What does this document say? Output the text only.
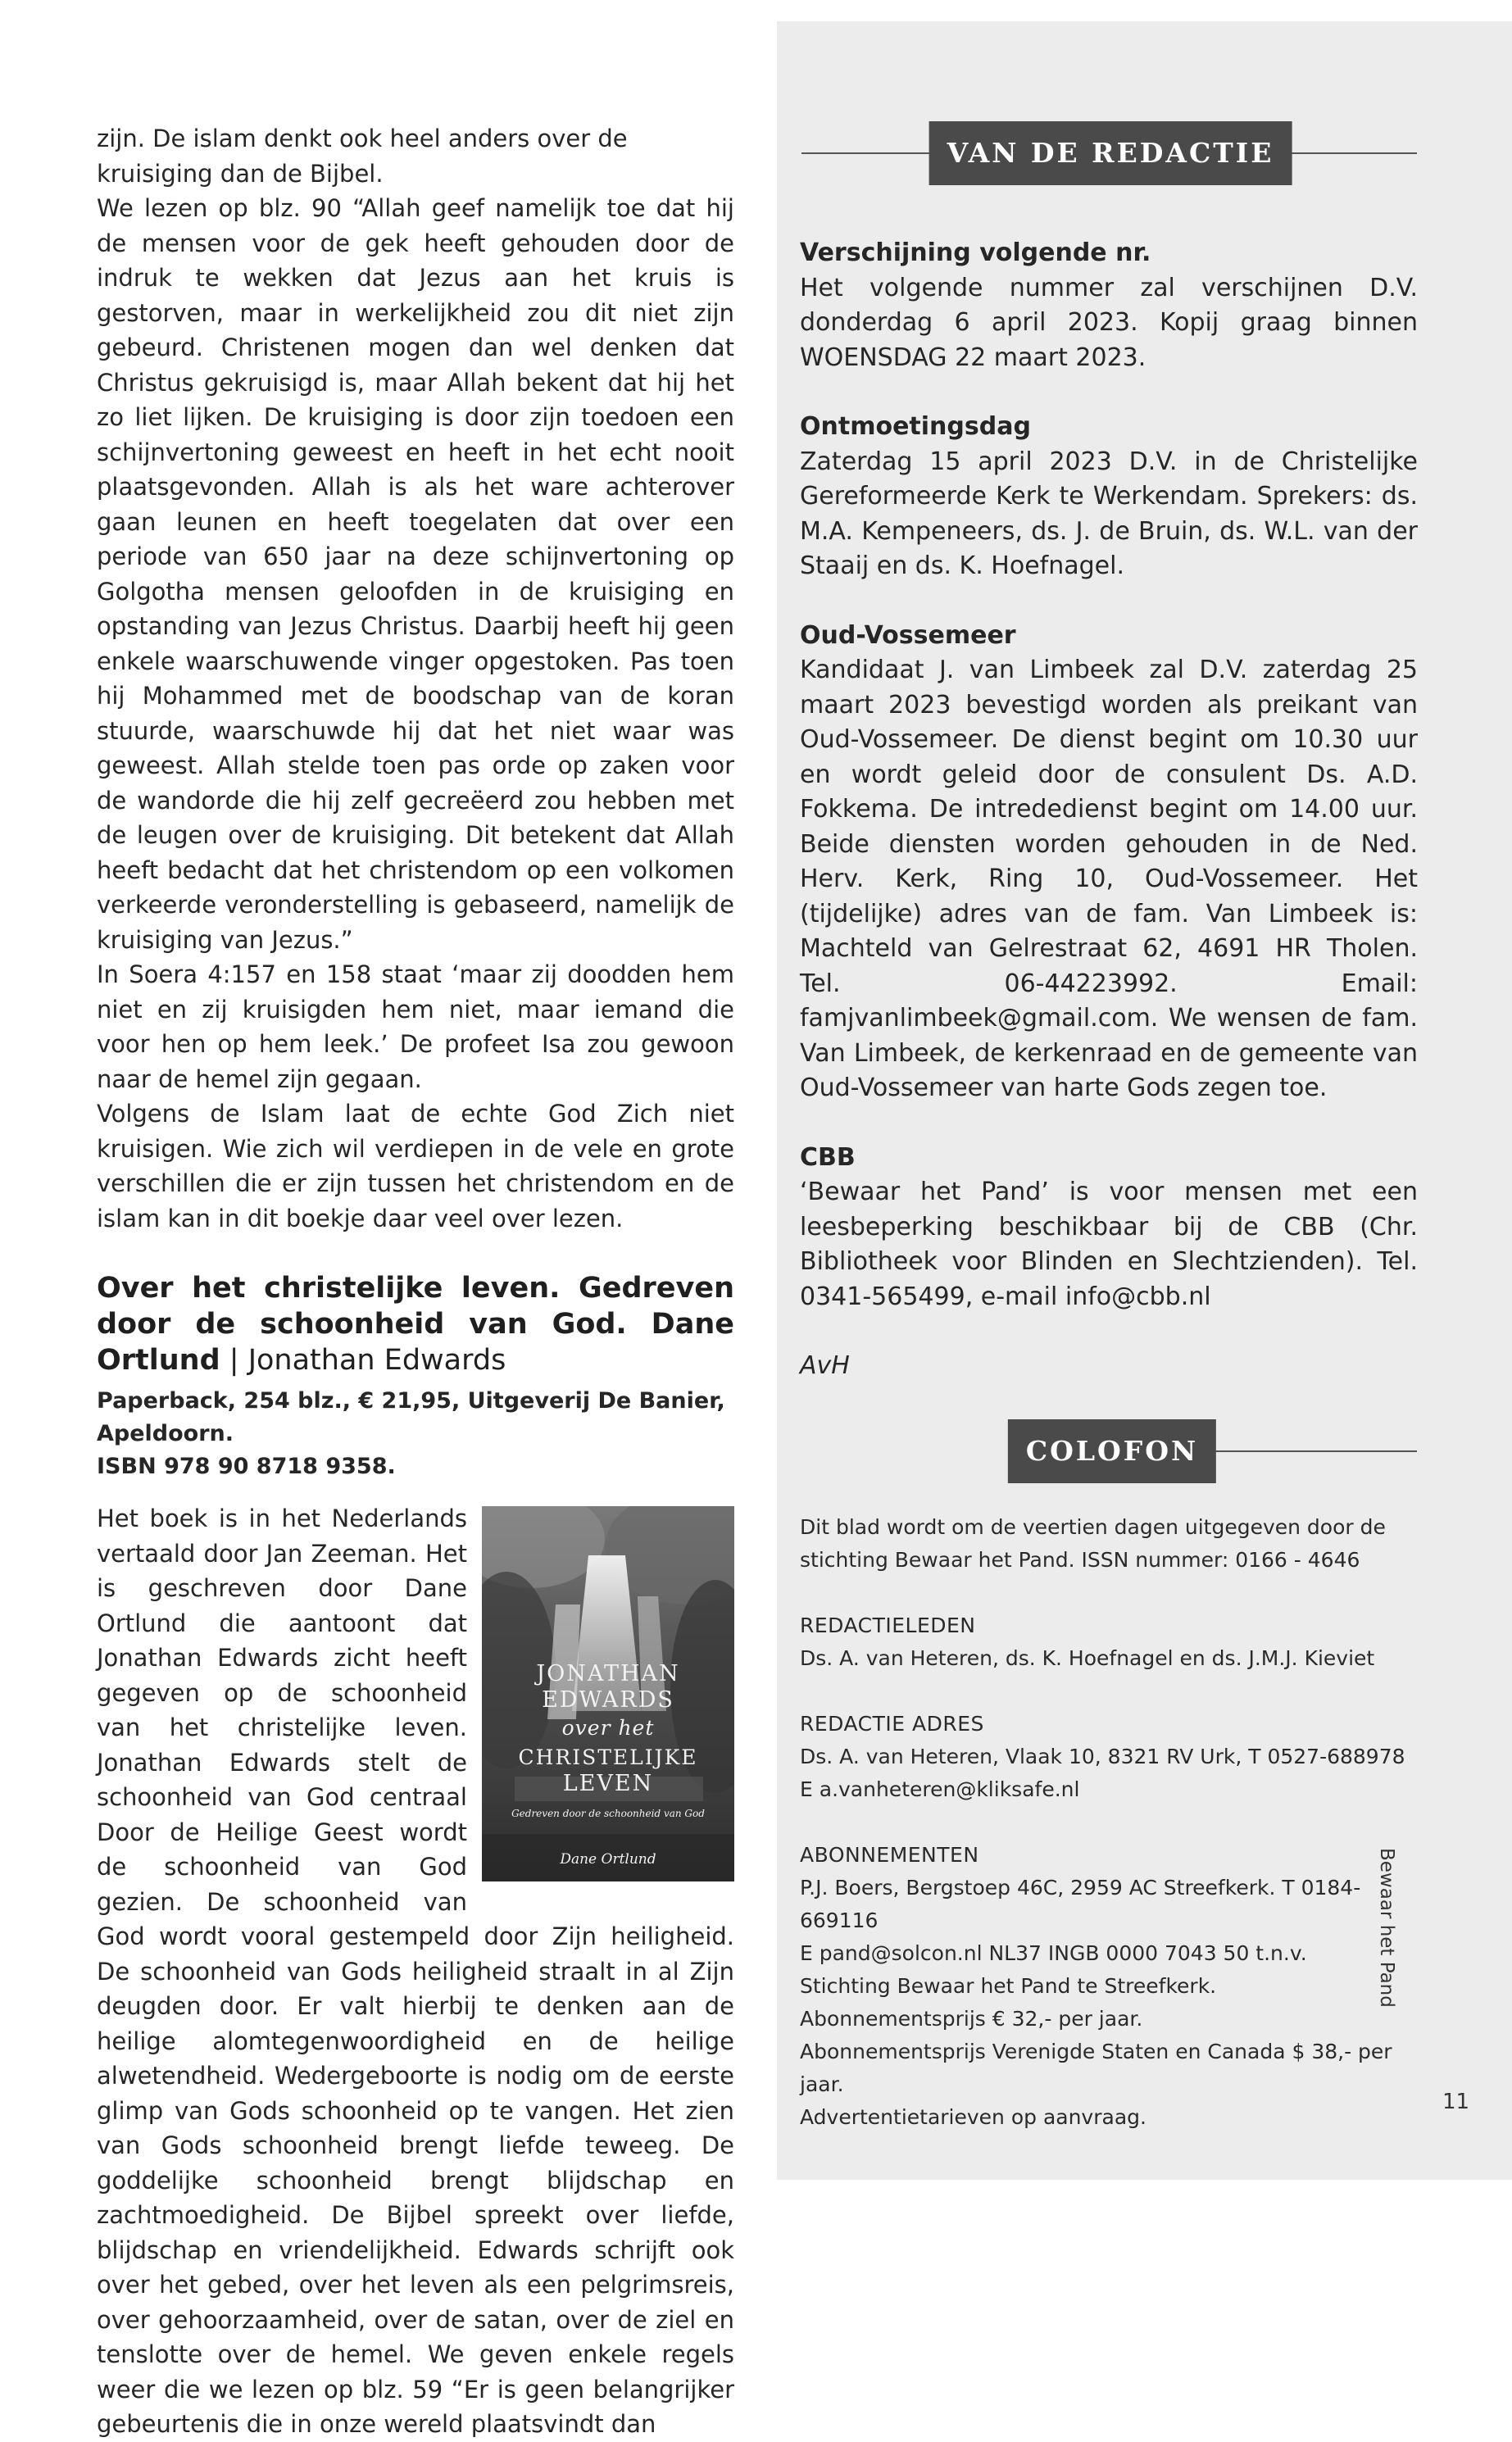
zijn. De islam denkt ook heel anders over de kruisiging dan de Bijbel.

We lezen op blz. 90 “Allah geef namelijk toe dat hij de mensen voor de gek heeft gehouden door de indruk te wekken dat Jezus aan het kruis is gestorven, maar in werkelijkheid zou dit niet zijn gebeurd. Christenen mogen dan wel denken dat Christus gekruisigd is, maar Allah bekent dat hij het zo liet lijken. De kruisiging is door zijn toedoen een schijnvertoning geweest en heeft in het echt nooit plaatsgevonden. Allah is als het ware achterover gaan leunen en heeft toegelaten dat over een periode van 650 jaar na deze schijnvertoning op Golgotha mensen geloofden in de kruisiging en opstanding van Jezus Christus. Daarbij heeft hij geen enkele waarschuwende vinger opgestoken. Pas toen hij Mohammed met de boodschap van de koran stuurde, waarschuwde hij dat het niet waar was geweest. Allah stelde toen pas orde op zaken voor de wandorde die hij zelf gecreëerd zou hebben met de leugen over de kruisiging. Dit betekent dat Allah heeft bedacht dat het christendom op een volkomen verkeerde veronderstelling is gebaseerd, namelijk de kruisiging van Jezus.”

In Soera 4:157 en 158 staat ‘maar zij doodden hem niet en zij kruisigden hem niet, maar iemand die voor hen op hem leek.’ De profeet Isa zou gewoon naar de hemel zijn gegaan.

Volgens de Islam laat de echte God Zich niet kruisigen. Wie zich wil verdiepen in de vele en grote verschillen die er zijn tussen het christendom en de islam kan in dit boekje daar veel over lezen.

Over het christelijke leven. Gedreven door de schoonheid van God. Dane Ortlund | Jonathan Edwards
Paperback, 254 blz., € 21,95, Uitgeverij De Banier, Apeldoorn.
ISBN 978 90 8718 9358.
JONATHAN
EDWARDS
over het
CHRISTELIJKE
LEVEN
Gedreven door de schoonheid van God
Dane Ortlund

Het boek is in het Nederlands vertaald door Jan Zeeman. Het is geschreven door Dane Ortlund die aantoont dat Jonathan Edwards zicht heeft gegeven op de schoonheid van het christelijke leven. Jonathan Edwards stelt de schoonheid van God centraal Door de Heilige Geest wordt de schoonheid van God gezien. De schoonheid van God wordt vooral gestempeld door Zijn heiligheid. De schoonheid van Gods heiligheid straalt in al Zijn deugden door. Er valt hierbij te denken aan de heilige alomtegenwoordigheid en de heilige alwetendheid. Wedergeboorte is nodig om de eerste glimp van Gods schoonheid op te vangen. Het zien van Gods schoonheid brengt liefde teweeg. De goddelijke schoonheid brengt blijdschap en zachtmoedigheid. De Bijbel spreekt over liefde, blijdschap en vriendelijkheid. Edwards schrijft ook over het gebed, over het leven als een pelgrimsreis, over gehoorzaamheid, over de satan, over de ziel en tenslotte over de hemel. We geven enkele regels weer die we lezen op blz. 59 “Er is geen belangrijker gebeurtenis die in onze wereld plaatsvindt dan

VAN DE REDACTIE

Verschijning volgende nr.

Het volgende nummer zal verschijnen D.V. donderdag 6 april 2023. Kopij graag binnen WOENSDAG 22 maart 2023.

Ontmoetingsdag

Zaterdag 15 april 2023 D.V. in de Christelijke Gereformeerde Kerk te Werkendam. Sprekers: ds. M.A. Kempeneers, ds. J. de Bruin, ds. W.L. van der Staaij en ds. K. Hoefnagel.

Oud-Vossemeer

Kandidaat J. van Limbeek zal D.V. zaterdag 25 maart 2023 bevestigd worden als preikant van Oud-Vossemeer. De dienst begint om 10.30 uur en wordt geleid door de consulent Ds. A.D. Fokkema. De intrededienst begint om 14.00 uur. Beide diensten worden gehouden in de Ned. Herv. Kerk, Ring 10, Oud-Vossemeer. Het (tijdelijke) adres van de fam. Van Limbeek is: Machteld van Gelrestraat 62, 4691 HR Tholen. Tel. 06-44223992. Email: famjvanlimbeek@gmail.com. We wensen de fam. Van Limbeek, de kerkenraad en de gemeente van Oud-Vossemeer van harte Gods zegen toe.

CBB

‘Bewaar het Pand’ is voor mensen met een leesbeperking beschikbaar bij de CBB (Chr. Bibliotheek voor Blinden en Slechtzienden). Tel. 0341-565499, e-mail info@cbb.nl

AvH

COLOFON

Dit blad wordt om de veertien dagen uitgegeven door de stichting Bewaar het Pand. ISSN nummer: 0166 - 4646

REDACTIELEDEN

Ds. A. van Heteren, ds. K. Hoefnagel en ds. J.M.J. Kieviet

REDACTIE ADRES

Ds. A. van Heteren, Vlaak 10, 8321 RV Urk, T 0527-688978

E a.vanheteren@kliksafe.nl

ABONNEMENTEN

P.J. Boers, Bergstoep 46C, 2959 AC Streefkerk. T 0184-669116

E pand@solcon.nl NL37 INGB 0000 7043 50 t.n.v.

Stichting Bewaar het Pand te Streefkerk.

Abonnementsprijs € 32,- per jaar.

Abonnementsprijs Verenigde Staten en Canada $ 38,- per jaar.

Advertentietarieven op aanvraag.

Bewaar het Pand
11
